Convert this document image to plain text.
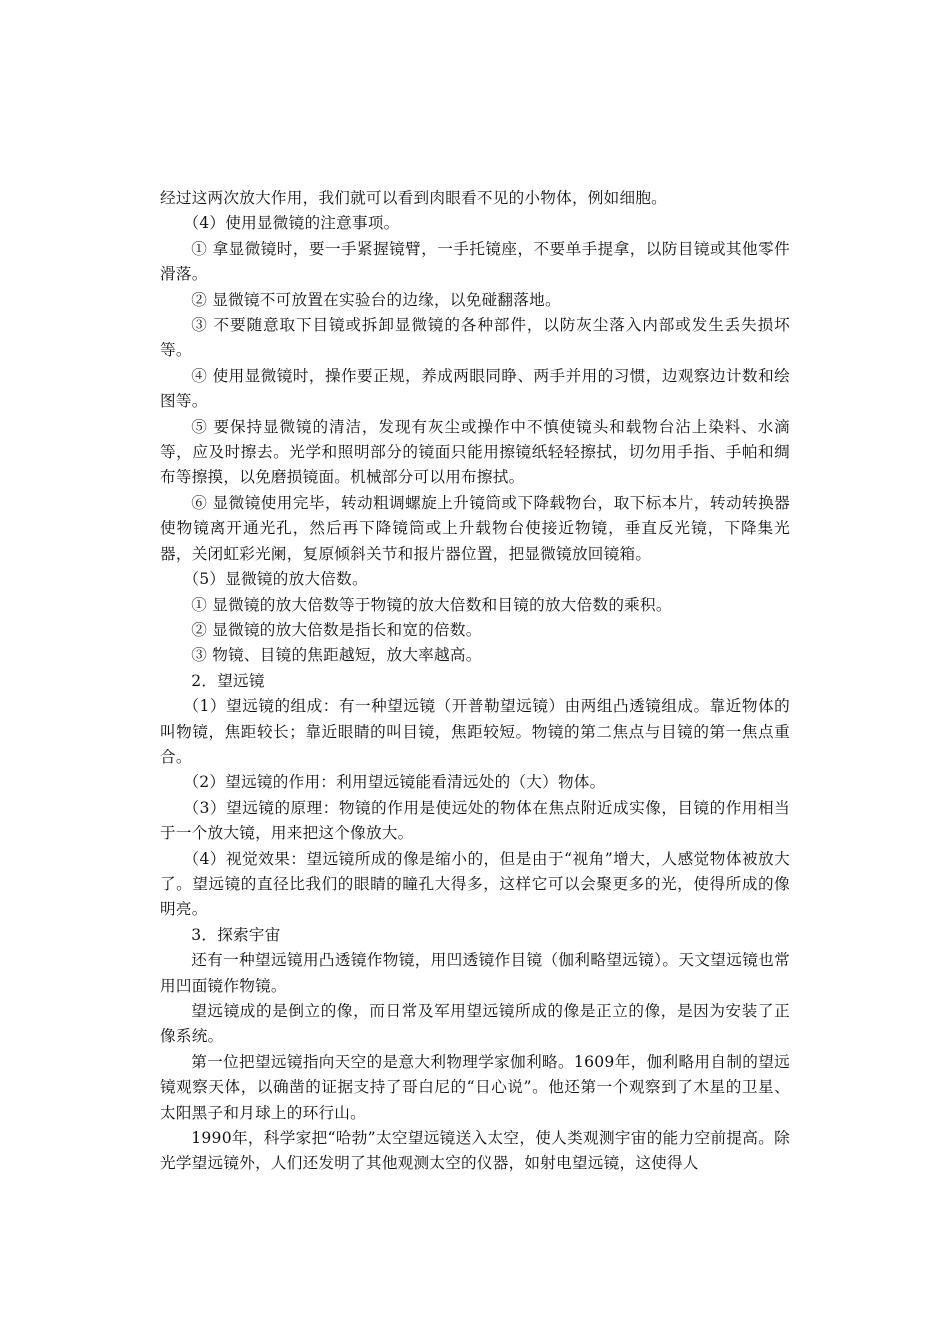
经过这两次放大作用，我们就可以看到肉眼看不见的小物体，例如细胞。

（4）使用显微镜的注意事项。

① 拿显微镜时，要一手紧握镜臂，一手托镜座，不要单手提拿，以防目镜或其他零件滑落。

② 显微镜不可放置在实验台的边缘，以免碰翻落地。

③ 不要随意取下目镜或拆卸显微镜的各种部件，以防灰尘落入内部或发生丢失损坏等。

④ 使用显微镜时，操作要正规，养成两眼同睁、两手并用的习惯，边观察边计数和绘图等。

⑤ 要保持显微镜的清洁，发现有灰尘或操作中不慎使镜头和载物台沾上染料、水滴等，应及时擦去。光学和照明部分的镜面只能用擦镜纸轻轻擦拭，切勿用手指、手帕和绸布等擦摸，以免磨损镜面。机械部分可以用布擦拭。

⑥ 显微镜使用完毕，转动粗调螺旋上升镜筒或下降载物台，取下标本片，转动转换器使物镜离开通光孔，然后再下降镜筒或上升载物台使接近物镜，垂直反光镜，下降集光器，关闭虹彩光阑，复原倾斜关节和报片器位置，把显微镜放回镜箱。

（5）显微镜的放大倍数。

① 显微镜的放大倍数等于物镜的放大倍数和目镜的放大倍数的乘积。

② 显微镜的放大倍数是指长和宽的倍数。

③ 物镜、目镜的焦距越短，放大率越高。

2．望远镜

（1）望远镜的组成：有一种望远镜（开普勒望远镜）由两组凸透镜组成。靠近物体的叫物镜，焦距较长；靠近眼睛的叫目镜，焦距较短。物镜的第二焦点与目镜的第一焦点重合。

（2）望远镜的作用：利用望远镜能看清远处的（大）物体。

（3）望远镜的原理：物镜的作用是使远处的物体在焦点附近成实像，目镜的作用相当于一个放大镜，用来把这个像放大。

（4）视觉效果：望远镜所成的像是缩小的，但是由于“视角”增大，人感觉物体被放大了。望远镜的直径比我们的眼睛的瞳孔大得多，这样它可以会聚更多的光，使得所成的像明亮。

3．探索宇宙

还有一种望远镜用凸透镜作物镜，用凹透镜作目镜（伽利略望远镜）。天文望远镜也常用凹面镜作物镜。

望远镜成的是倒立的像，而日常及军用望远镜所成的像是正立的像，是因为安装了正像系统。

第一位把望远镜指向天空的是意大利物理学家伽利略。1609年，伽利略用自制的望远镜观察天体，以确凿的证据支持了哥白尼的“日心说”。他还第一个观察到了木星的卫星、太阳黑子和月球上的环行山。

1990年，科学家把“哈勃”太空望远镜送入太空，使人类观测宇宙的能力空前提高。除光学望远镜外，人们还发明了其他观测太空的仪器，如射电望远镜，这使得人
